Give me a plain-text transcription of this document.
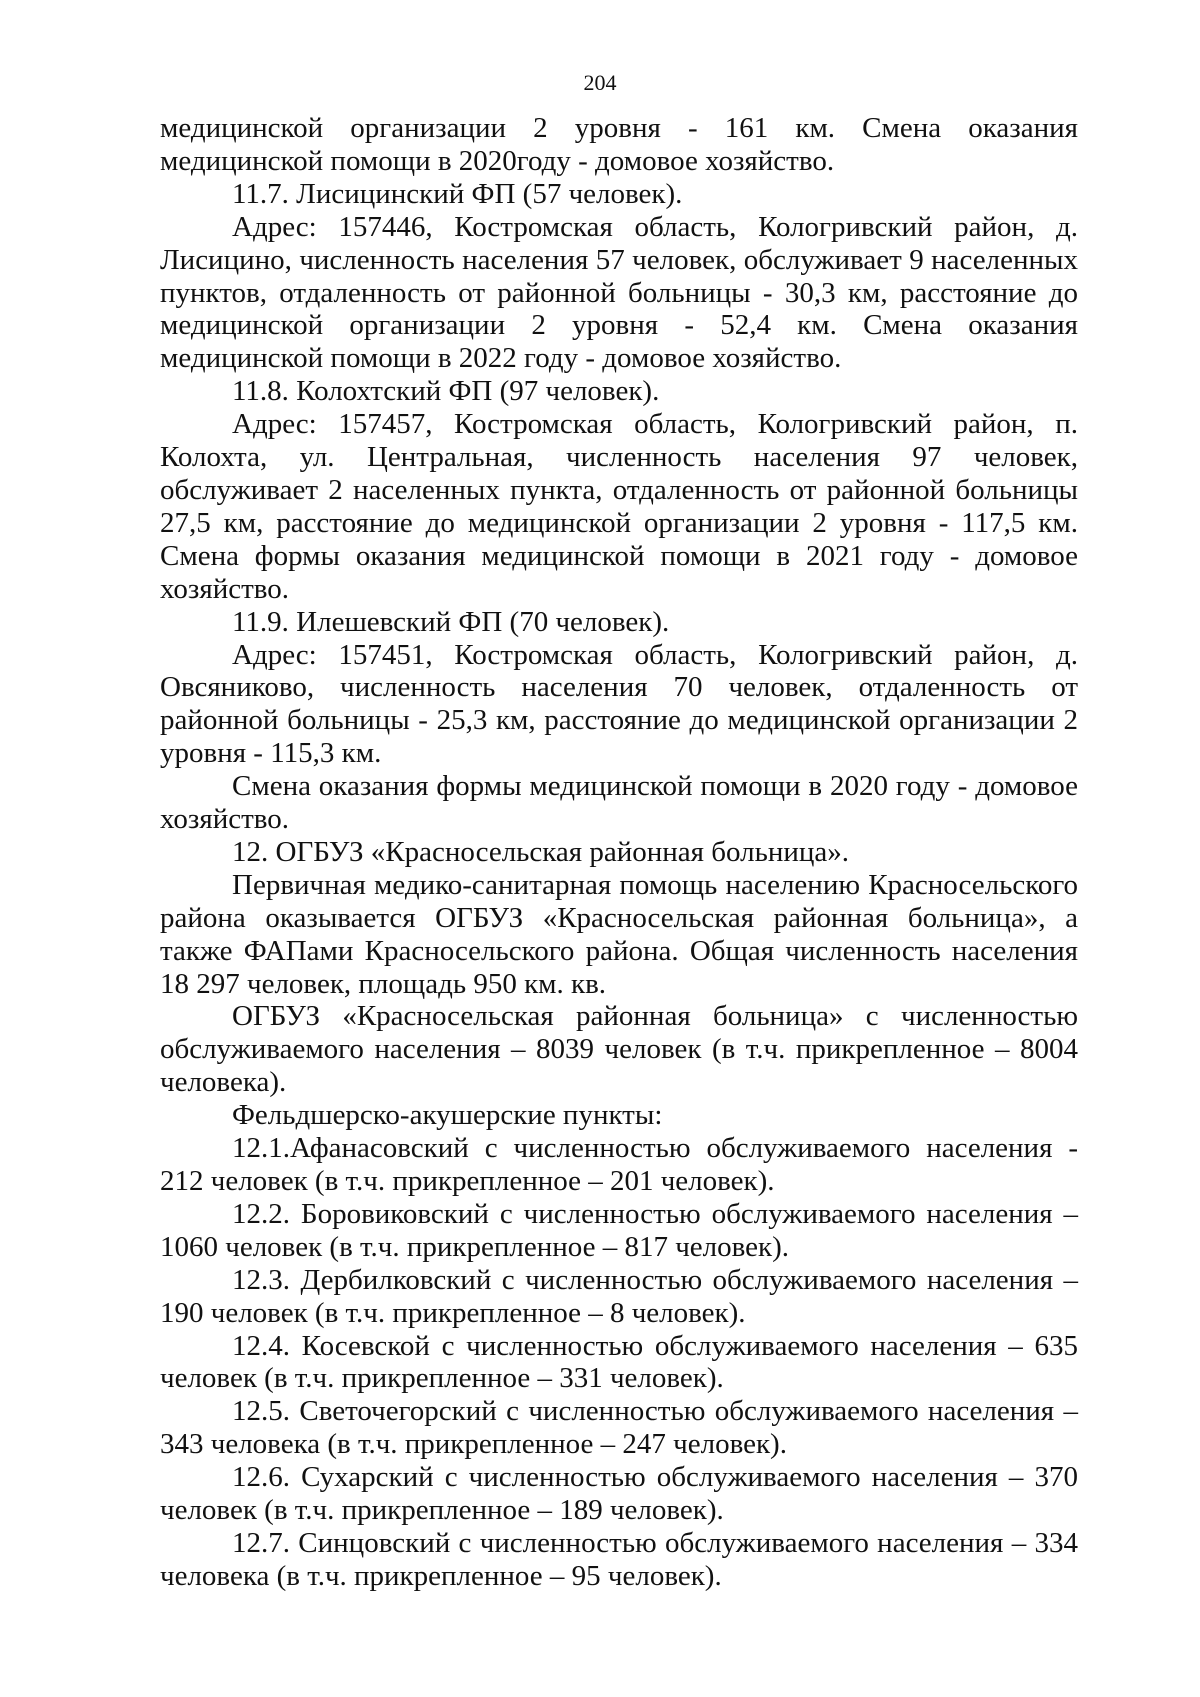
204

медицинской организации 2 уровня - 161 км. Смена оказания медицинской помощи в 2020году - домовое хозяйство.

11.7. Лисицинский ФП (57 человек).

Адрес: 157446, Костромская область, Кологривский район, д. Лисицино, численность населения 57 человек, обслуживает 9 населенных пунктов, отдаленность от районной больницы - 30,3 км, расстояние до медицинской организации 2 уровня - 52,4 км. Смена оказания медицинской помощи в 2022 году - домовое хозяйство.

11.8. Колохтский ФП (97 человек).

Адрес: 157457, Костромская область, Кологривский район, п. Колохта, ул. Центральная, численность населения 97 человек, обслуживает 2 населенных пункта, отдаленность от районной больницы 27,5 км, расстояние до медицинской организации 2 уровня - 117,5 км. Смена формы оказания медицинской помощи в 2021 году - домовое хозяйство.

11.9. Илешевский ФП (70 человек).

Адрес: 157451, Костромская область, Кологривский район, д. Овсяниково, численность населения 70 человек, отдаленность от районной больницы - 25,3 км, расстояние до медицинской организации 2 уровня - 115,3 км.

Смена оказания формы медицинской помощи в 2020 году - домовое хозяйство.

12. ОГБУЗ «Красносельская районная больница».

Первичная медико-санитарная помощь населению Красносельского района оказывается ОГБУЗ «Красносельская районная больница», а также ФАПами Красносельского района. Общая численность населения 18 297 человек, площадь 950 км. кв.

ОГБУЗ «Красносельская районная больница» с численностью обслуживаемого населения – 8039 человек (в т.ч. прикрепленное – 8004 человека).

Фельдшерско-акушерские пункты:

12.1.Афанасовский с численностью обслуживаемого населения - 212 человек (в т.ч. прикрепленное – 201 человек).

12.2. Боровиковский с численностью обслуживаемого населения – 1060 человек (в т.ч. прикрепленное – 817 человек).

12.3. Дербилковский с численностью обслуживаемого населения – 190 человек (в т.ч. прикрепленное – 8 человек).

12.4. Косевской с численностью обслуживаемого населения – 635 человек (в т.ч. прикрепленное – 331 человек).

12.5. Светочегорский с численностью обслуживаемого населения – 343 человека (в т.ч. прикрепленное – 247 человек).

12.6. Сухарский с численностью обслуживаемого населения – 370 человек (в т.ч. прикрепленное – 189 человек).

12.7. Синцовский с численностью обслуживаемого населения – 334 человека (в т.ч. прикрепленное – 95 человек).
